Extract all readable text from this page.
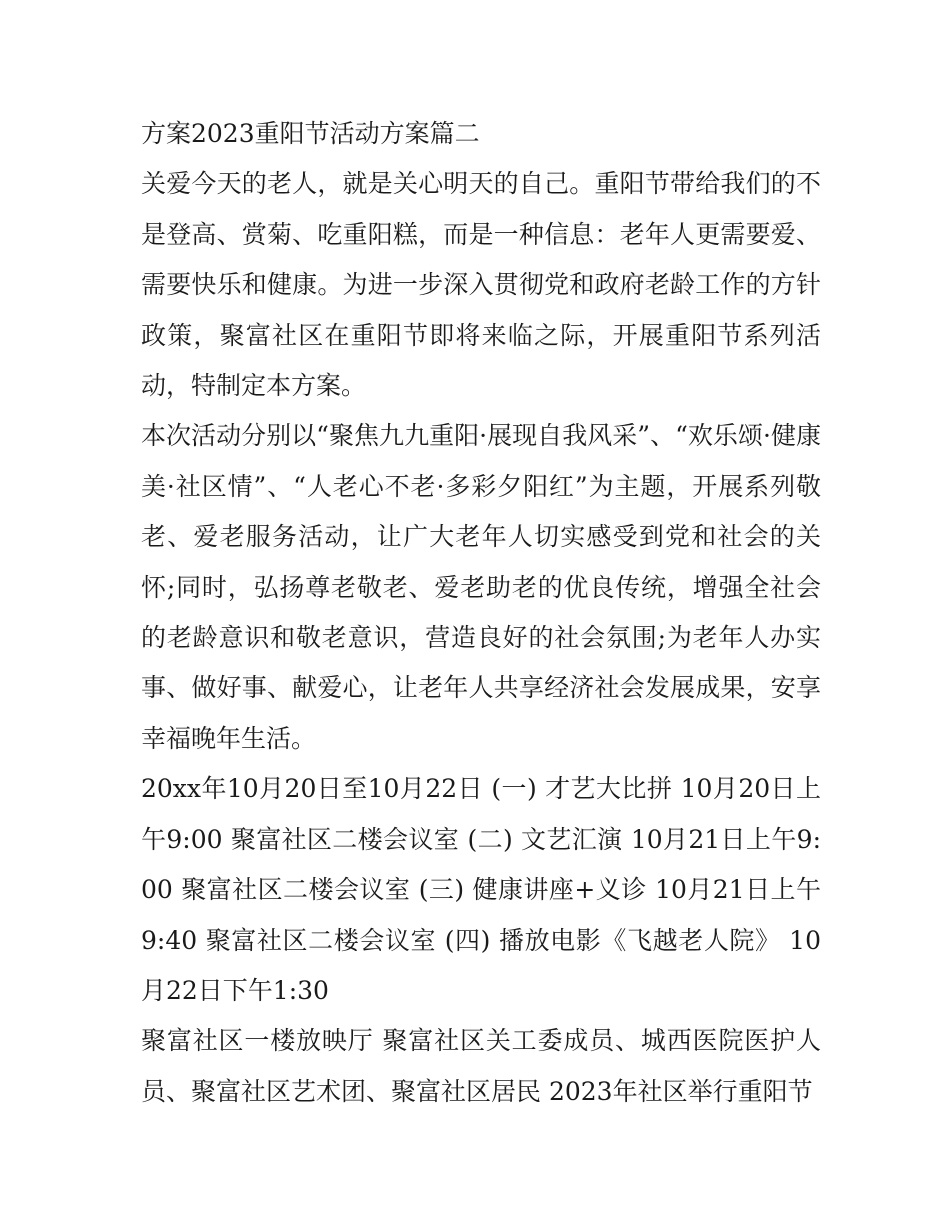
方案2023重阳节活动方案篇二

关爱今天的老人，就是关心明天的自己。重阳节带给我们的不是登高、赏菊、吃重阳糕，而是一种信息：老年人更需要爱、需要快乐和健康。为进一步深入贯彻党和政府老龄工作的方针政策，聚富社区在重阳节即将来临之际，开展重阳节系列活动，特制定本方案。

本次活动分别以“聚焦九九重阳·展现自我风采”、“欢乐颂·健康美·社区情”、“人老心不老·多彩夕阳红”为主题，开展系列敬老、爱老服务活动，让广大老年人切实感受到党和社会的关怀;同时，弘扬尊老敬老、爱老助老的优良传统，增强全社会的老龄意识和敬老意识，营造良好的社会氛围;为老年人办实事、做好事、献爱心，让老年人共享经济社会发展成果，安享幸福晚年生活。

20xx年10月20日至10月22日 (一) 才艺大比拼 10月20日上午9:00 聚富社区二楼会议室 (二) 文艺汇演 10月21日上午9:00 聚富社区二楼会议室 (三) 健康讲座+义诊 10月21日上午9:40 聚富社区二楼会议室 (四) 播放电影《飞越老人院》 10月22日下午1:30

聚富社区一楼放映厅 聚富社区关工委成员、城西医院医护人员、聚富社区艺术团、聚富社区居民 2023年社区举行重阳节
